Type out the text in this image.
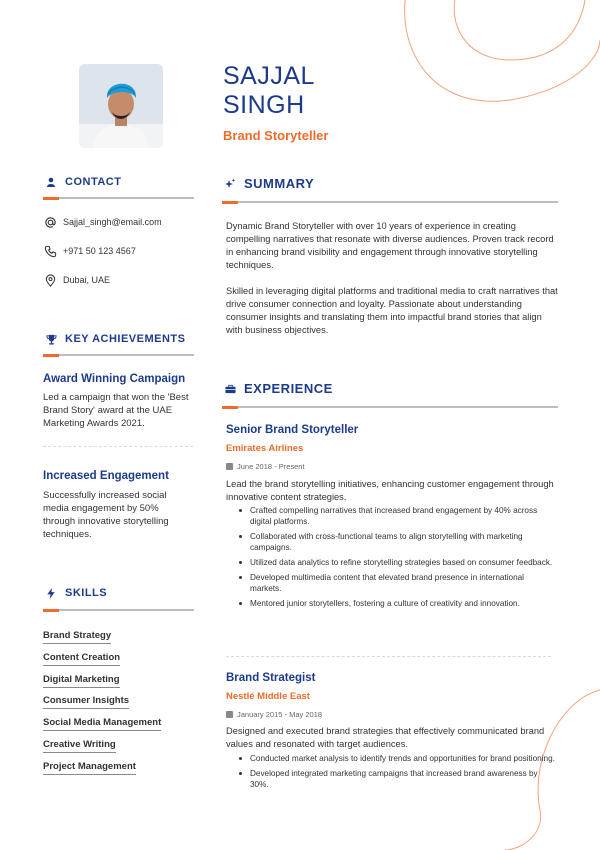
SAJJAL
SINGH
Brand Storyteller
CONTACT
Sajjal_singh@email.com
+971 50 123 4567
Dubai, UAE
KEY ACHIEVEMENTS
Award Winning Campaign
Led a campaign that won the 'Best Brand Story' award at the UAE Marketing Awards 2021.
Increased Engagement
Successfully increased social media engagement by 50% through innovative storytelling techniques.
SKILLS
Brand Strategy
Content Creation
Digital Marketing
Consumer Insights
Social Media Management
Creative Writing
Project Management
SUMMARY
Dynamic Brand Storyteller with over 10 years of experience in creating compelling narratives that resonate with diverse audiences. Proven track record in enhancing brand visibility and engagement through innovative storytelling techniques.
Skilled in leveraging digital platforms and traditional media to craft narratives that drive consumer connection and loyalty. Passionate about understanding consumer insights and translating them into impactful brand stories that align with business objectives.
EXPERIENCE
Senior Brand Storyteller
Emirates Airlines
June 2018 - Present
Lead the brand storytelling initiatives, enhancing customer engagement through innovative content strategies.
Crafted compelling narratives that increased brand engagement by 40% across digital platforms.
Collaborated with cross-functional teams to align storytelling with marketing campaigns.
Utilized data analytics to refine storytelling strategies based on consumer feedback.
Developed multimedia content that elevated brand presence in international markets.
Mentored junior storytellers, fostering a culture of creativity and innovation.
Brand Strategist
Nestlé Middle East
January 2015 - May 2018
Designed and executed brand strategies that effectively communicated brand values and resonated with target audiences.
Conducted market analysis to identify trends and opportunities for brand positioning.
Developed integrated marketing campaigns that increased brand awareness by 30%.
